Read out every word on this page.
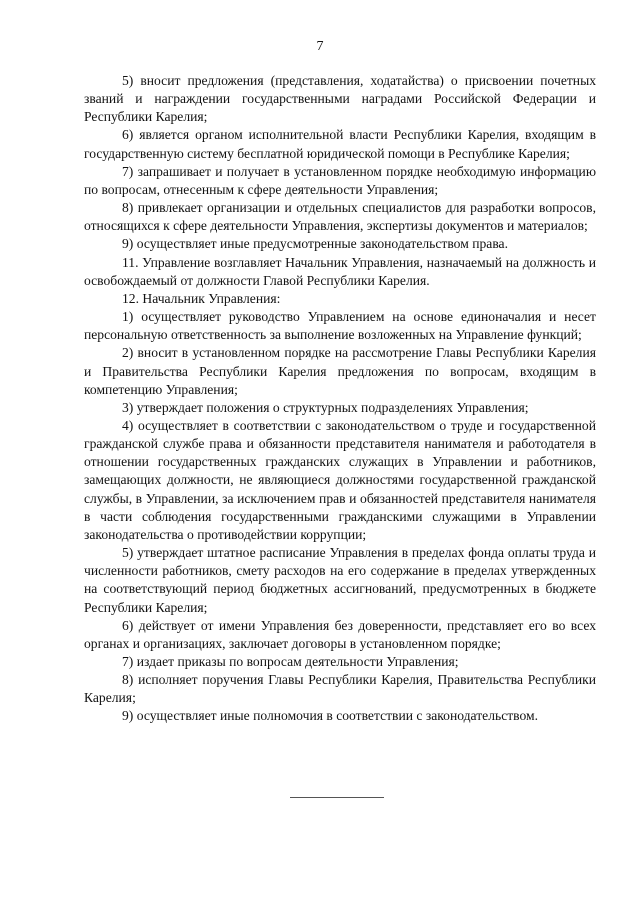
7

5) вносит предложения (представления, ходатайства) о присвоении почетных званий и награждении государственными наградами Российской Федерации и Республики Карелия;

6) является органом исполнительной власти Республики Карелия, входящим в государственную систему бесплатной юридической помощи в Республике Карелия;

7) запрашивает и получает в установленном порядке необходимую информацию по вопросам, отнесенным к сфере деятельности Управления;

8) привлекает организации и отдельных специалистов для разработки вопросов, относящихся к сфере деятельности Управления, экспертизы документов и материалов;

9) осуществляет иные предусмотренные законодательством права.

11. Управление возглавляет Начальник Управления, назначаемый на должность и освобождаемый от должности Главой Республики Карелия.

12. Начальник Управления:

1) осуществляет руководство Управлением на основе единоначалия и несет персональную ответственность за выполнение возложенных на Управление функций;

2) вносит в установленном порядке на рассмотрение Главы Республики Карелия и Правительства Республики Карелия предложения по вопросам, входящим в компетенцию Управления;

3) утверждает положения о структурных подразделениях Управления;

4) осуществляет в соответствии с законодательством о труде и государственной гражданской службе права и обязанности представителя нанимателя и работодателя в отношении государственных гражданских служащих в Управлении и работников, замещающих должности, не являющиеся должностями государственной гражданской службы, в Управлении, за исключением прав и обязанностей представителя нанимателя в части соблюдения государственными гражданскими служащими в Управлении законодательства о противодействии коррупции;

5) утверждает штатное расписание Управления в пределах фонда оплаты труда и численности работников, смету расходов на его содержание в пределах утвержденных на соответствующий период бюджетных ассигнований, предусмотренных в бюджете Республики Карелия;

6) действует от имени Управления без доверенности, представляет его во всех органах и организациях, заключает договоры в установленном порядке;

7) издает приказы по вопросам деятельности Управления;

8) исполняет поручения Главы Республики Карелия, Правительства Республики Карелия;

9) осуществляет иные полномочия в соответствии с законодательством.
